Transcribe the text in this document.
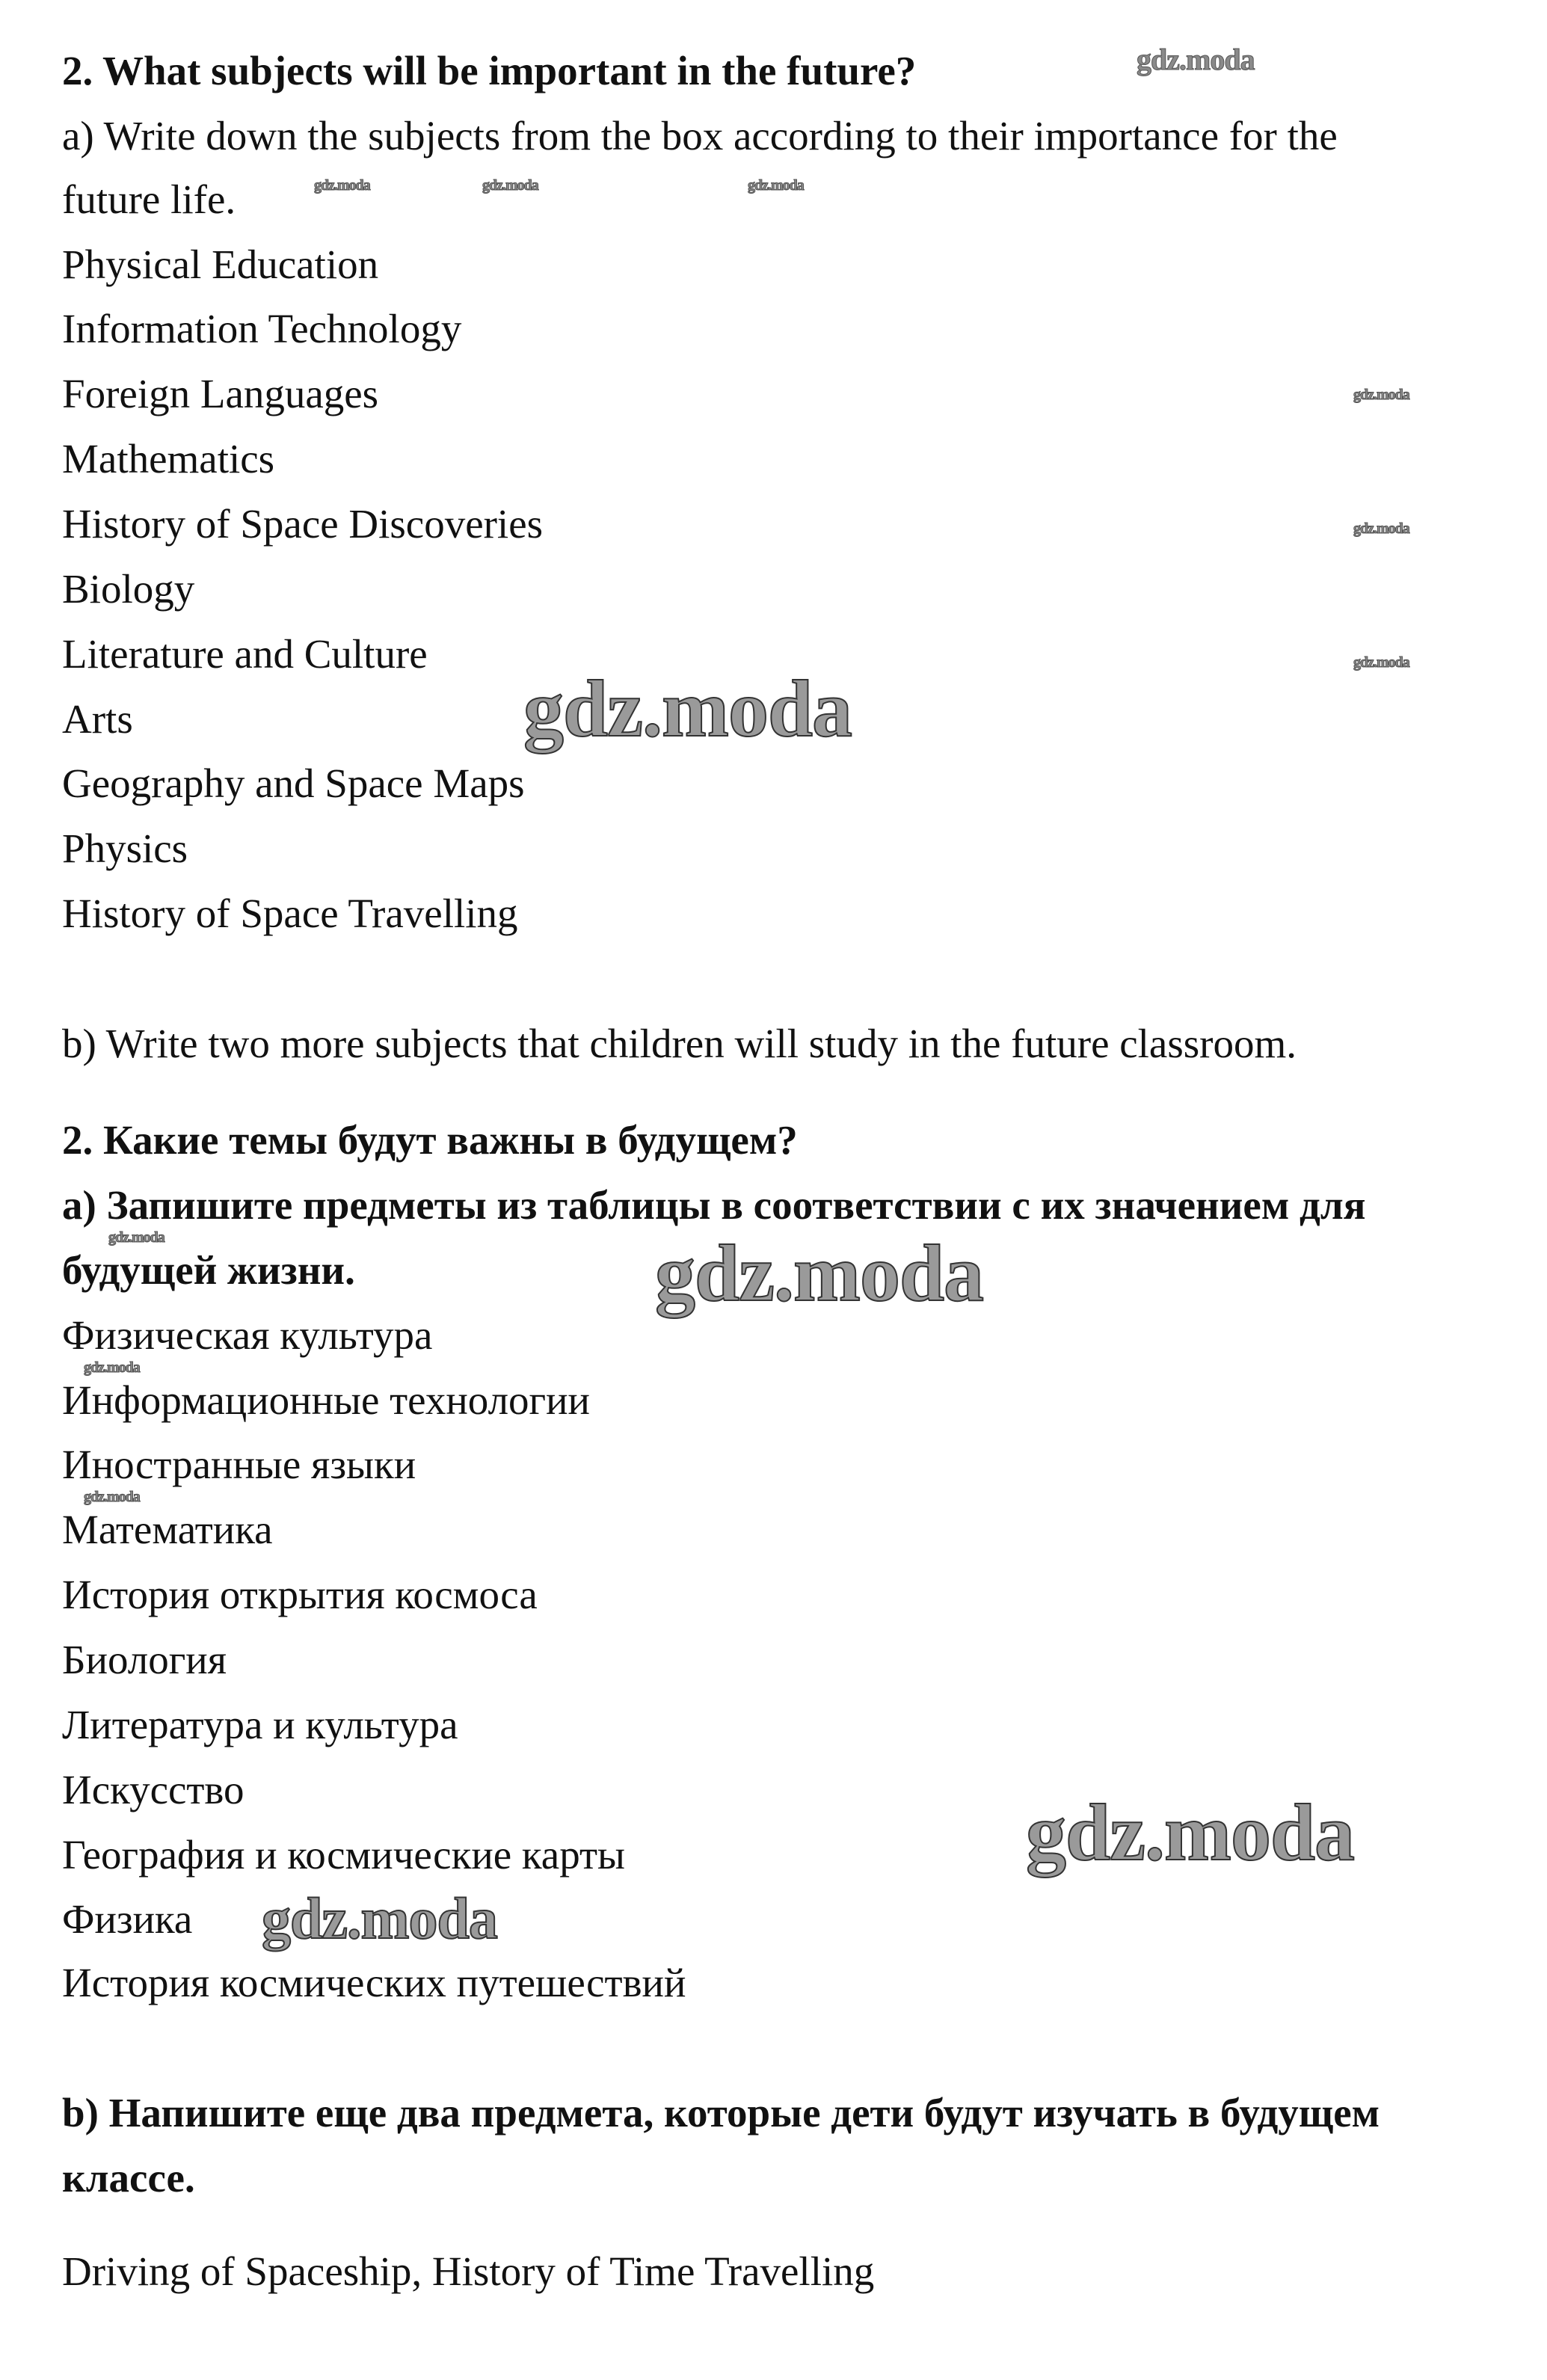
2. What subjects will be important in the future?
a) Write down the subjects from the box according to their importance for the
future life.
Physical Education
Information Technology
Foreign Languages
Mathematics
History of Space Discoveries
Biology
Literature and Culture
Arts
Geography and Space Maps
Physics
History of Space Travelling
b) Write two more subjects that children will study in the future classroom.
2. Какие темы будут важны в будущем?
а) Запишите предметы из таблицы в соответствии с их значением для
будущей жизни.
Физическая культура
Информационные технологии
Иностранные языки
Математика
История открытия космоса
Биология
Литература и культура
Искусство
География и космические карты
Физика
История космических путешествий
b) Напишите еще два предмета, которые дети будут изучать в будущем
классе.
Driving of Spaceship, History of Time Travelling
gdz.moda
gdz.moda	gdz.moda	gdz.moda
gdz.moda
gdz.moda
gdz.moda
gdz.moda
gdz.moda	gdz.moda
gdz.moda
gdz.moda
gdz.moda
gdz.moda
